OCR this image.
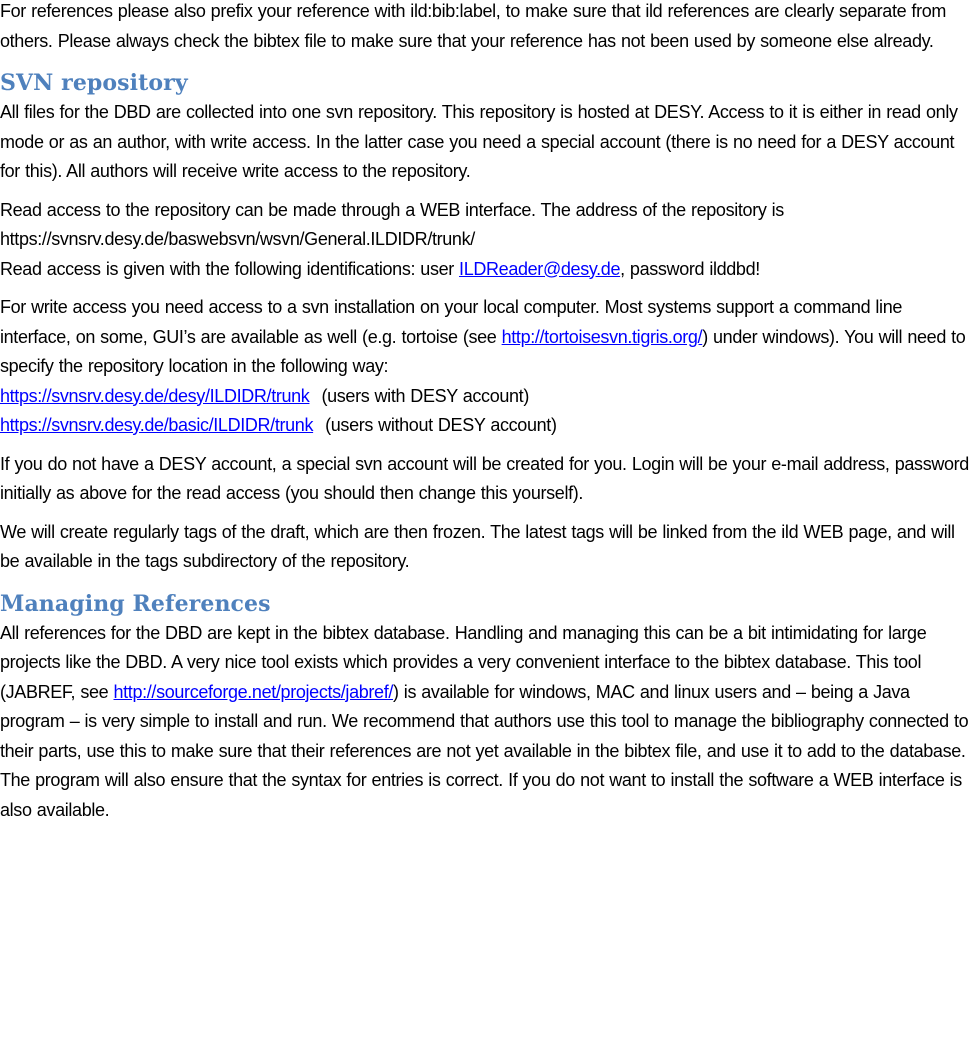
For references please also prefix your reference with ild:bib:label, to make sure that ild references are clearly separate from others. Please always check the bibtex file to make sure that your reference has not been used by someone else already.

SVN repository

All files for the DBD are collected into one svn repository. This repository is hosted at DESY. Access to it is either in read only mode or as an author, with write access. In the latter case you need a special account (there is no need for a DESY account for this). All authors will receive write access to the repository.

Read access to the repository can be made through a WEB interface. The address of the repository is
https://svnsrv.desy.de/baswebsvn/wsvn/General.ILDIDR/trunk/
Read access is given with the following identifications: user ILDReader@desy.de, password ilddbd!

For write access you need access to a svn installation on your local computer. Most systems support a command line interface, on some, GUI’s are available as well (e.g. tortoise (see http://tortoisesvn.tigris.org/) under windows). You will need to specify the repository location in the following way:
https://svnsrv.desy.de/desy/ILDIDR/trunk (users with DESY account)
https://svnsrv.desy.de/basic/ILDIDR/trunk (users without DESY account)

If you do not have a DESY account, a special svn account will be created for you. Login will be your e-mail address, password initially as above for the read access (you should then change this yourself).

We will create regularly tags of the draft, which are then frozen. The latest tags will be linked from the ild WEB page, and will be available in the tags subdirectory of the repository.

Managing References

All references for the DBD are kept in the bibtex database. Handling and managing this can be a bit intimidating for large projects like the DBD. A very nice tool exists which provides a very convenient interface to the bibtex database. This tool (JABREF, see http://sourceforge.net/projects/jabref/) is available for windows, MAC and linux users and – being a Java program – is very simple to install and run. We recommend that authors use this tool to manage the bibliography connected to their parts, use this to make sure that their references are not yet available in the bibtex file, and use it to add to the database. The program will also ensure that the syntax for entries is correct. If you do not want to install the software a WEB interface is also available.
